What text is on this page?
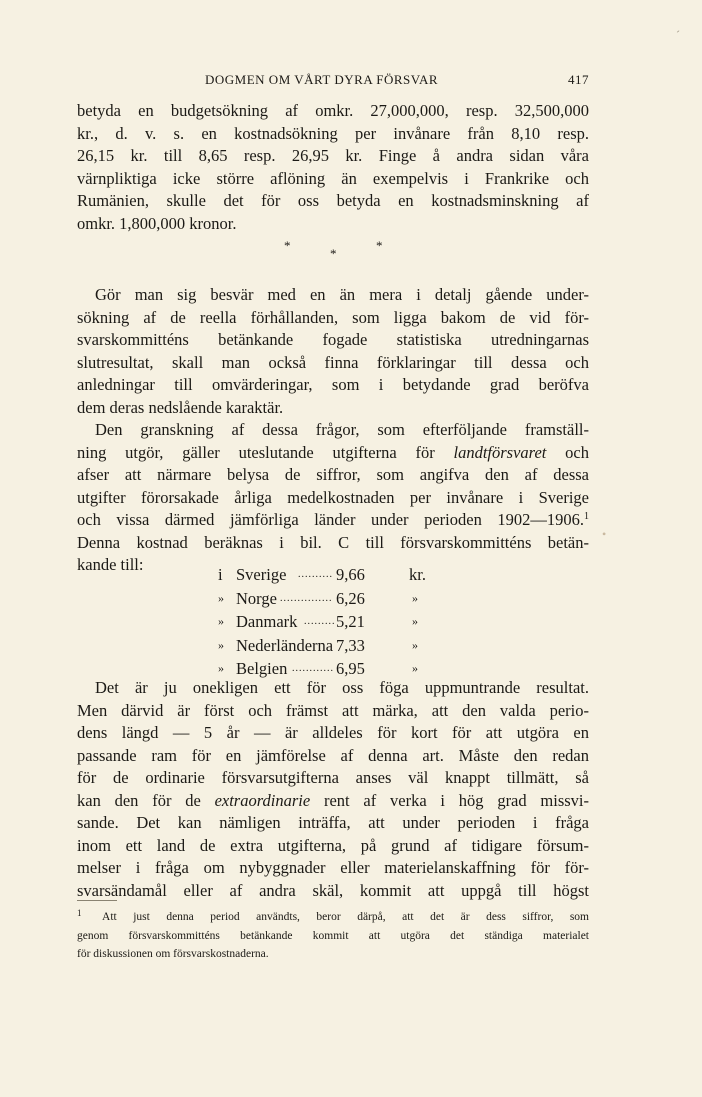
ˊ
DOGMEN OM VÅRT DYRA FÖRSVAR	417
betyda en budgetsökning af omkr. 27,000,000, resp. 32,500,000
kr., d. v. s. en kostnadsökning per invånare från 8,10 resp.
26,15 kr. till 8,65 resp. 26,95 kr. Finge å andra sidan våra
värnpliktiga icke större aflöning än exempelvis i Frankrike och
Rumänien, skulle det för oss betyda en kostnadsminskning af
omkr. 1,800,000 kronor.
*
*
*
Gör man sig besvär med en än mera i detalj gående under-
sökning af de reella förhållanden, som ligga bakom de vid för-
svarskommitténs betänkande fogade statistiska utredningarnas
slutresultat, skall man också finna förklaringar till dessa och
anledningar till omvärderingar, som i betydande grad beröfva
dem deras nedslående karaktär.
Den granskning af dessa frågor, som efterföljande framställ-
ning utgör, gäller uteslutande utgifterna för landtförsvaret och
afser att närmare belysa de siffror, som angifva den af dessa
utgifter förorsakade årliga medelkostnaden per invånare i Sverige
och vissa därmed jämförliga länder under perioden 1902—1906.$^1$
Denna kostnad beräknas i bil. C till försvarskommitténs betän-
kande till:
•
i Sverige .......... 9,66	kr.
» Norge ............... 6,26	»
» Danmark ......... 5,21	»
» Nederländerna 7,33	»
» Belgien ............ 6,95	»
Det är ju onekligen ett för oss föga uppmuntrande resultat.
Men därvid är först och främst att märka, att den valda perio-
dens längd — 5 år — är alldeles för kort för att utgöra en
passande ram för en jämförelse af denna art. Måste den redan
för de ordinarie försvarsutgifterna anses väl knappt tillmätt, så
kan den för de extraordinarie rent af verka i hög grad missvi-
sande. Det kan nämligen inträffa, att under perioden i fråga
inom ett land de extra utgifterna, på grund af tidigare försum-
melser i fråga om nybyggnader eller materielanskaffning för för-
svarsändamål eller af andra skäl, kommit att uppgå till högst
$^1$ Att just denna period användts, beror därpå, att det är dess siffror, som
genom försvarskommitténs betänkande kommit att utgöra det ständiga materialet
för diskussionen om försvarskostnaderna.
